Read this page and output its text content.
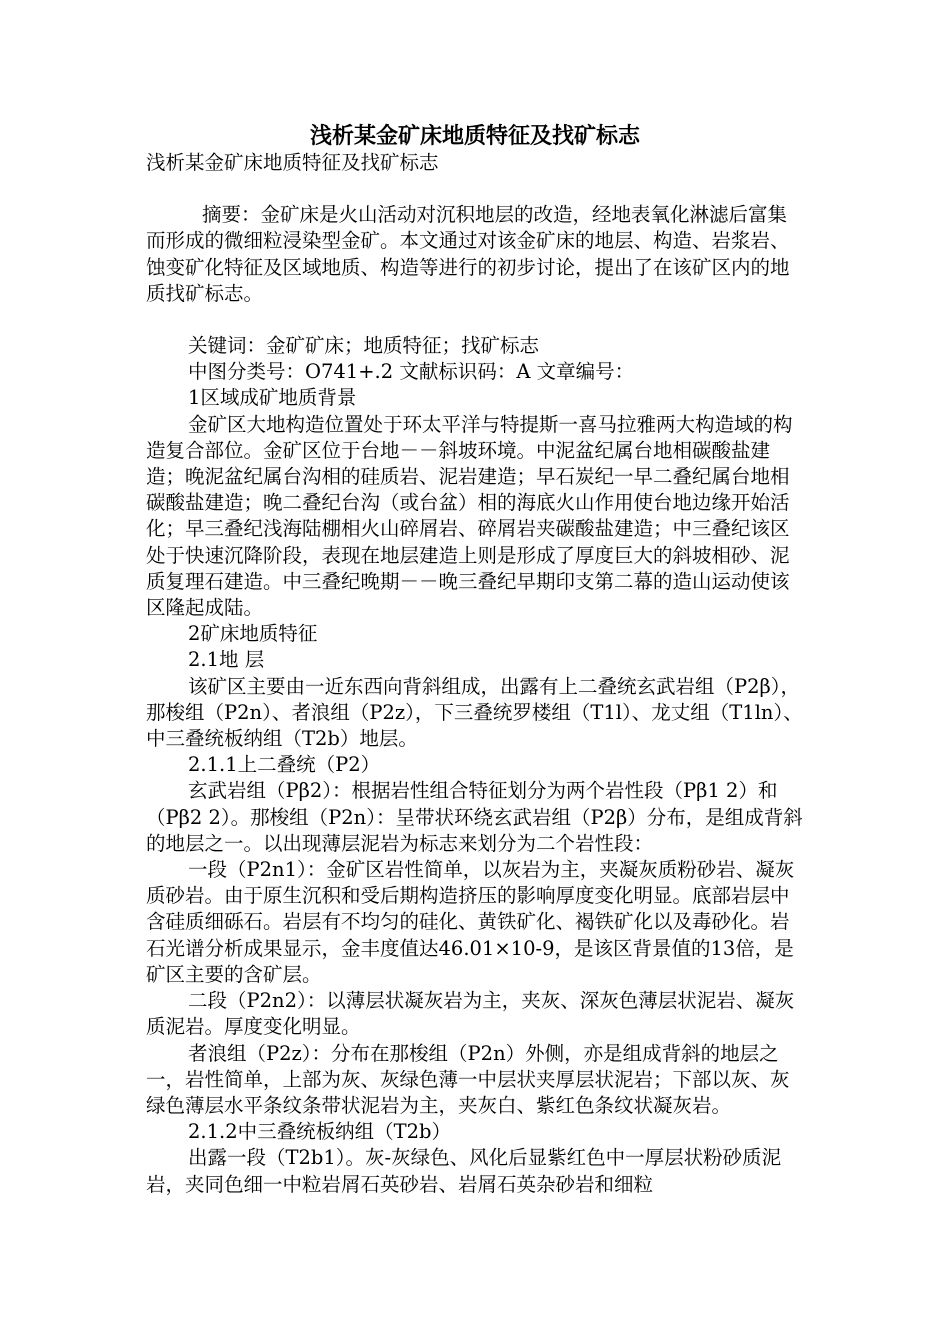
浅析某金矿床地质特征及找矿标志

浅析某金矿床地质特征及找矿标志

摘要：金矿床是火山活动对沉积地层的改造，经地表氧化淋滤后富集而形成的微细粒浸染型金矿。本文通过对该金矿床的地层、构造、岩浆岩、蚀变矿化特征及区域地质、构造等进行的初步讨论，提出了在该矿区内的地质找矿标志。

关键词：金矿矿床；地质特征；找矿标志

中图分类号：O741+.2 文献标识码：A 文章编号：

1区域成矿地质背景

金矿区大地构造位置处于环太平洋与特提斯一喜马拉雅两大构造域的构造复合部位。金矿区位于台地－－斜坡环境。中泥盆纪属台地相碳酸盐建造；晚泥盆纪属台沟相的硅质岩、泥岩建造；早石炭纪一早二叠纪属台地相碳酸盐建造；晚二叠纪台沟（或台盆）相的海底火山作用使台地边缘开始活化；早三叠纪浅海陆棚相火山碎屑岩、碎屑岩夹碳酸盐建造；中三叠纪该区处于快速沉降阶段，表现在地层建造上则是形成了厚度巨大的斜坡相砂、泥质复理石建造。中三叠纪晚期－－晚三叠纪早期印支第二幕的造山运动使该区隆起成陆。

2矿床地质特征

2.1地 层

该矿区主要由一近东西向背斜组成，出露有上二叠统玄武岩组（P2β），那梭组（P2n）、者浪组（P2z），下三叠统罗楼组（T1l）、龙丈组（T1ln）、中三叠统板纳组（T2b）地层。

2.1.1上二叠统（P2）

玄武岩组（Pβ2）：根据岩性组合特征划分为两个岩性段（Pβ1 2）和（Pβ2 2）。那梭组（P2n）：呈带状环绕玄武岩组（P2β）分布，是组成背斜的地层之一。以出现薄层泥岩为标志来划分为二个岩性段：

一段（P2n1）：金矿区岩性简单，以灰岩为主，夹凝灰质粉砂岩、凝灰质砂岩。由于原生沉积和受后期构造挤压的影响厚度变化明显。底部岩层中含硅质细砾石。岩层有不均匀的硅化、黄铁矿化、褐铁矿化以及毒砂化。岩石光谱分析成果显示，金丰度值达46.01×10-9，是该区背景值的13倍，是矿区主要的含矿层。

二段（P2n2）：以薄层状凝灰岩为主，夹灰、深灰色薄层状泥岩、凝灰质泥岩。厚度变化明显。

者浪组（P2z）：分布在那梭组（P2n）外侧，亦是组成背斜的地层之一，岩性简单，上部为灰、灰绿色薄一中层状夹厚层状泥岩；下部以灰、灰绿色薄层水平条纹条带状泥岩为主，夹灰白、紫红色条纹状凝灰岩。

2.1.2中三叠统板纳组（T2b）

出露一段（T2b1）。灰-灰绿色、风化后显紫红色中一厚层状粉砂质泥岩，夹同色细一中粒岩屑石英砂岩、岩屑石英杂砂岩和细粒
